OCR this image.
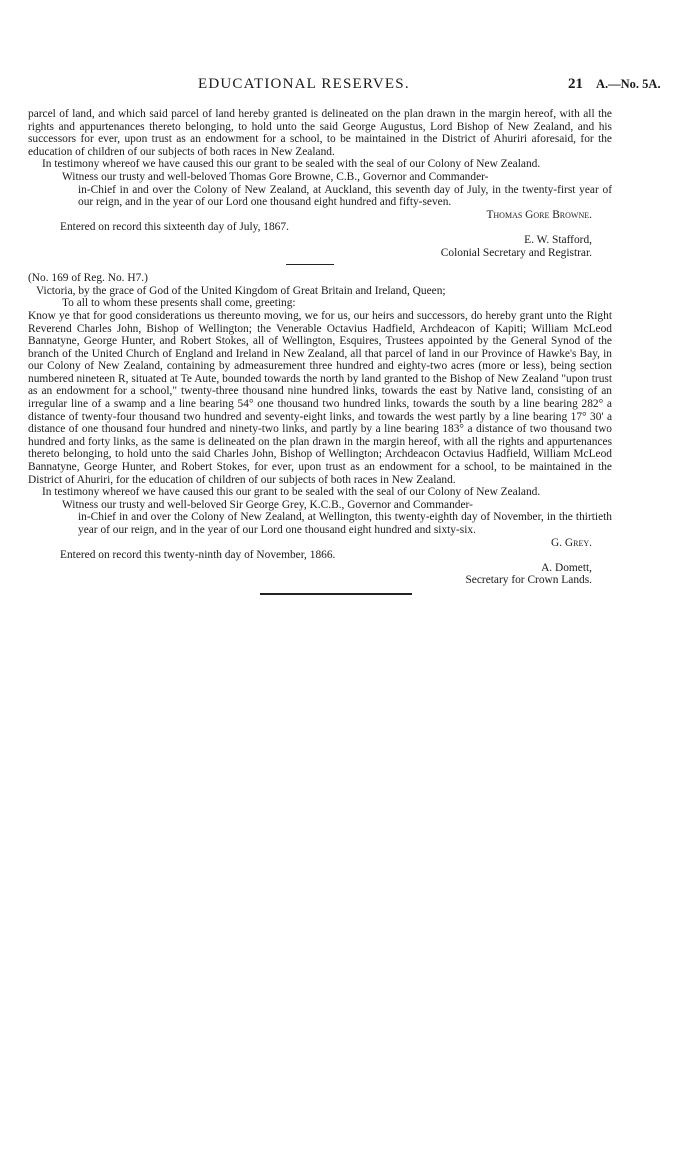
EDUCATIONAL RESERVES.	21 A.—No. 5A.

parcel of land, and which said parcel of land hereby granted is delineated on the plan drawn in the margin hereof, with all the rights and appurtenances thereto belonging, to hold unto the said George Augustus, Lord Bishop of New Zealand, and his successors for ever, upon trust as an endowment for a school, to be maintained in the District of Ahuriri aforesaid, for the education of children of our subjects of both races in New Zealand.

In testimony whereof we have caused this our grant to be sealed with the seal of our Colony of New Zealand.

Witness our trusty and well-beloved Thomas Gore Browne, C.B., Governor and Commander-

in-Chief in and over the Colony of New Zealand, at Auckland, this seventh day of July, in the twenty-first year of our reign, and in the year of our Lord one thousand eight hundred and fifty-seven.

Thomas Gore Browne.

Entered on record this sixteenth day of July, 1867.

E. W. Stafford,

Colonial Secretary and Registrar.

(No. 169 of Reg. No. H7.)

Victoria, by the grace of God of the United Kingdom of Great Britain and Ireland, Queen;

To all to whom these presents shall come, greeting:

Know ye that for good considerations us thereunto moving, we for us, our heirs and successors, do hereby grant unto the Right Reverend Charles John, Bishop of Wellington; the Venerable Octavius Hadfield, Archdeacon of Kapiti; William McLeod Bannatyne, George Hunter, and Robert Stokes, all of Wellington, Esquires, Trustees appointed by the General Synod of the branch of the United Church of England and Ireland in New Zealand, all that parcel of land in our Province of Hawke's Bay, in our Colony of New Zealand, containing by admeasurement three hundred and eighty-two acres (more or less), being section numbered nineteen R, situated at Te Aute, bounded towards the north by land granted to the Bishop of New Zealand "upon trust as an endowment for a school," twenty-three thousand nine hundred links, towards the east by Native land, consisting of an irregular line of a swamp and a line bearing 54° one thousand two hundred links, towards the south by a line bearing 282° a distance of twenty-four thousand two hundred and seventy-eight links, and towards the west partly by a line bearing 17° 30' a distance of one thousand four hundred and ninety-two links, and partly by a line bearing 183° a distance of two thousand two hundred and forty links, as the same is delineated on the plan drawn in the margin hereof, with all the rights and appurtenances thereto belonging, to hold unto the said Charles John, Bishop of Wellington; Archdeacon Octavius Hadfield, William McLeod Bannatyne, George Hunter, and Robert Stokes, for ever, upon trust as an endowment for a school, to be maintained in the District of Ahuriri, for the education of children of our subjects of both races in New Zealand.

In testimony whereof we have caused this our grant to be sealed with the seal of our Colony of New Zealand.

Witness our trusty and well-beloved Sir George Grey, K.C.B., Governor and Commander-

in-Chief in and over the Colony of New Zealand, at Wellington, this twenty-eighth day of November, in the thirtieth year of our reign, and in the year of our Lord one thousand eight hundred and sixty-six.

G. Grey.

Entered on record this twenty-ninth day of November, 1866.

A. Domett,

Secretary for Crown Lands.
